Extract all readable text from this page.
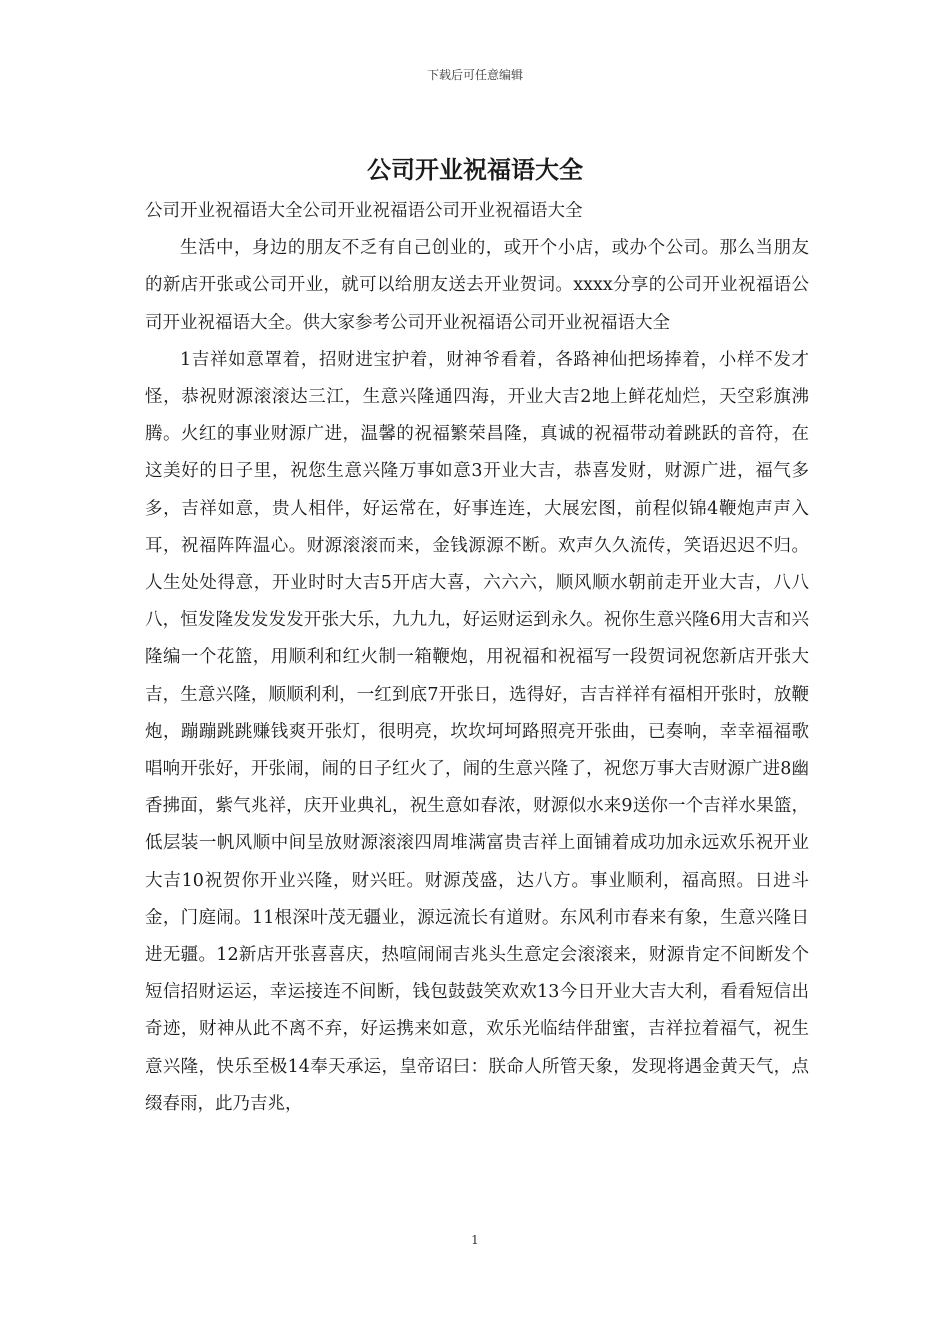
下载后可任意编辑
公司开业祝福语大全

公司开业祝福语大全公司开业祝福语公司开业祝福语大全

生活中，身边的朋友不乏有自己创业的，或开个小店，或办个公司。那么当朋友的新店开张或公司开业，就可以给朋友送去开业贺词。xxxx分享的公司开业祝福语公司开业祝福语大全。供大家参考公司开业祝福语公司开业祝福语大全

1吉祥如意罩着，招财进宝护着，财神爷看着，各路神仙把场捧着，小样不发才怪，恭祝财源滚滚达三江，生意兴隆通四海，开业大吉2地上鲜花灿烂，天空彩旗沸腾。火红的事业财源广进，温馨的祝福繁荣昌隆，真诚的祝福带动着跳跃的音符，在这美好的日子里，祝您生意兴隆万事如意3开业大吉，恭喜发财，财源广进，福气多多，吉祥如意，贵人相伴，好运常在，好事连连，大展宏图，前程似锦4鞭炮声声入耳，祝福阵阵温心。财源滚滚而来，金钱源源不断。欢声久久流传，笑语迟迟不归。人生处处得意，开业时时大吉5开店大喜，六六六，顺风顺水朝前走开业大吉，八八八，恒发隆发发发发开张大乐，九九九，好运财运到永久。祝你生意兴隆6用大吉和兴隆编一个花篮，用顺利和红火制一箱鞭炮，用祝福和祝福写一段贺词祝您新店开张大吉，生意兴隆，顺顺利利，一红到底7开张日，选得好，吉吉祥祥有福相开张时，放鞭炮，蹦蹦跳跳赚钱爽开张灯，很明亮，坎坎坷坷路照亮开张曲，已奏响，幸幸福福歌唱响开张好，开张闹，闹的日子红火了，闹的生意兴隆了，祝您万事大吉财源广进8幽香拂面，紫气兆祥，庆开业典礼，祝生意如春浓，财源似水来9送你一个吉祥水果篮，低层装一帆风顺中间呈放财源滚滚四周堆满富贵吉祥上面铺着成功加永远欢乐祝开业大吉10祝贺你开业兴隆，财兴旺。财源茂盛，达八方。事业顺利，福高照。日进斗金，门庭闹。11根深叶茂无疆业，源远流长有道财。东风利市春来有象，生意兴隆日进无疆。12新店开张喜喜庆，热喧闹闹吉兆头生意定会滚滚来，财源肯定不间断发个短信招财运运，幸运接连不间断，钱包鼓鼓笑欢欢13今日开业大吉大利，看看短信出奇迹，财神从此不离不弃，好运携来如意，欢乐光临结伴甜蜜，吉祥拉着福气，祝生意兴隆，快乐至极14奉天承运，皇帝诏曰：朕命人所管天象，发现将遇金黄天气，点缀春雨，此乃吉兆，

1
